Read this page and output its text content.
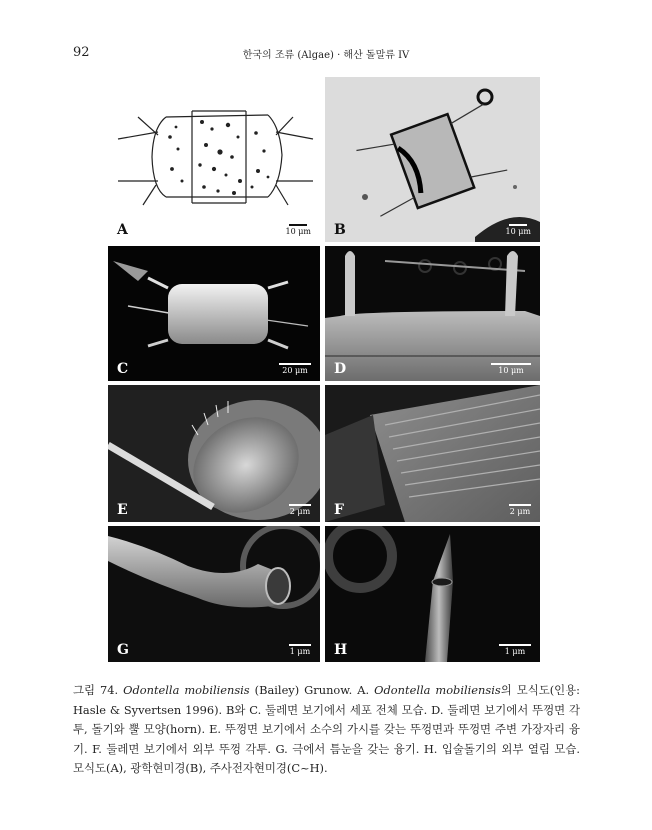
92	한국의 조류 (Algae) · 해산 돌말류 IV
10 μm
A	10 μm
B
20 μm
C	10 μm
D
2 μm
E	2 μm
F
1 μm
G	1 μm
H
그림 74. Odontella mobiliensis (Bailey) Grunow. A. Odontella mobiliensis의 모식도(인용: Hasle & Syvertsen 1996). B와 C. 둘레면 보기에서 세포 전체 모습. D. 둘레면 보기에서 뚜껑면 각투, 돌기와 뿔 모양(horn). E. 뚜껑면 보기에서 소수의 가시를 갖는 뚜껑면과 뚜껑면 주변 가장자리 융기. F. 둘레면 보기에서 외부 뚜껑 각투. G. 극에서 틈눈을 갖는 융기. H. 입술돌기의 외부 열림 모습. 모식도(A), 광학현미경(B), 주사전자현미경(C~H).
